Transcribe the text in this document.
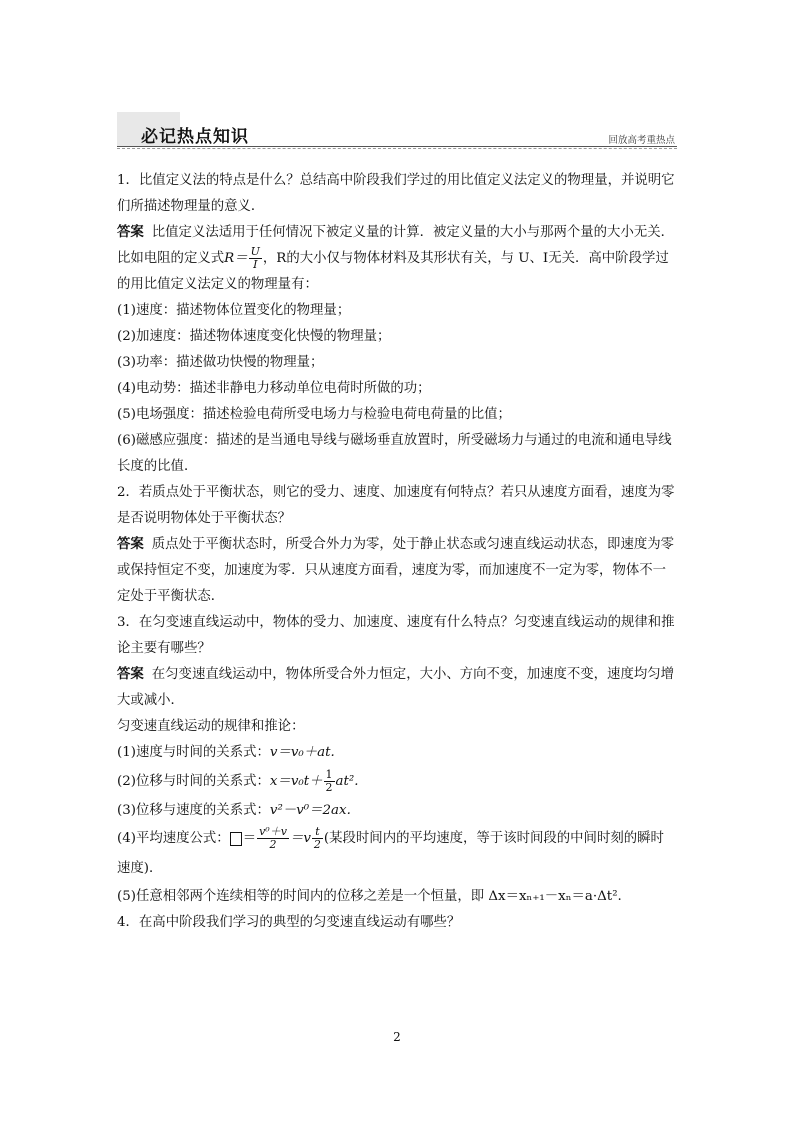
必记热点知识	回放高考重热点

1．比值定义法的特点是什么？总结高中阶段我们学过的用比值定义法定义的物理量，并说明它们所描述物理量的意义．

答案 比值定义法适用于任何情况下被定义量的计算．被定义量的大小与那两个量的大小无关．比如电阻的定义式$R= \frac{U}{I}$ ，R的大小仅与物体材料及其形状有关，与 U、I无关．高中阶段学过的用比值定义法定义的物理量有：

(1)速度：描述物体位置变化的物理量；

(2)加速度：描述物体速度变化快慢的物理量；

(3)功率：描述做功快慢的物理量；

(4)电动势：描述非静电力移动单位电荷时所做的功；

(5)电场强度：描述检验电荷所受电场力与检验电荷电荷量的比值；

(6)磁感应强度：描述的是当通电导线与磁场垂直放置时，所受磁场力与通过的电流和通电导线长度的比值．

2．若质点处于平衡状态，则它的受力、速度、加速度有何特点？若只从速度方面看，速度为零是否说明物体处于平衡状态？

答案 质点处于平衡状态时，所受合外力为零，处于静止状态或匀速直线运动状态，即速度为零或保持恒定不变，加速度为零．只从速度方面看，速度为零，而加速度不一定为零，物体不一定处于平衡状态．

3．在匀变速直线运动中，物体的受力、加速度、速度有什么特点？匀变速直线运动的规律和推论主要有哪些？

答案 在匀变速直线运动中，物体所受合外力恒定，大小、方向不变，加速度不变，速度均匀增大或减小．

匀变速直线运动的规律和推论：

(1)速度与时间的关系式：v＝v₀＋at.

(2)位移与时间的关系式：$x=v_0t+ \frac{1}{2} at^2$.

(3)位移与速度的关系式：v²－v⁰＝2ax.

(4)平均速度公式： ＝ $\frac{\text{v⁰＋v}}{2} =v \frac{t}{2}$ (某段时间内的平均速度，等于该时间段的中间时刻的瞬时速度)．

(5)任意相邻两个连续相等的时间内的位移之差是一个恒量，即 Δx＝xₙ₊₁－xₙ＝a·Δt².

4．在高中阶段我们学习的典型的匀变速直线运动有哪些？

2
